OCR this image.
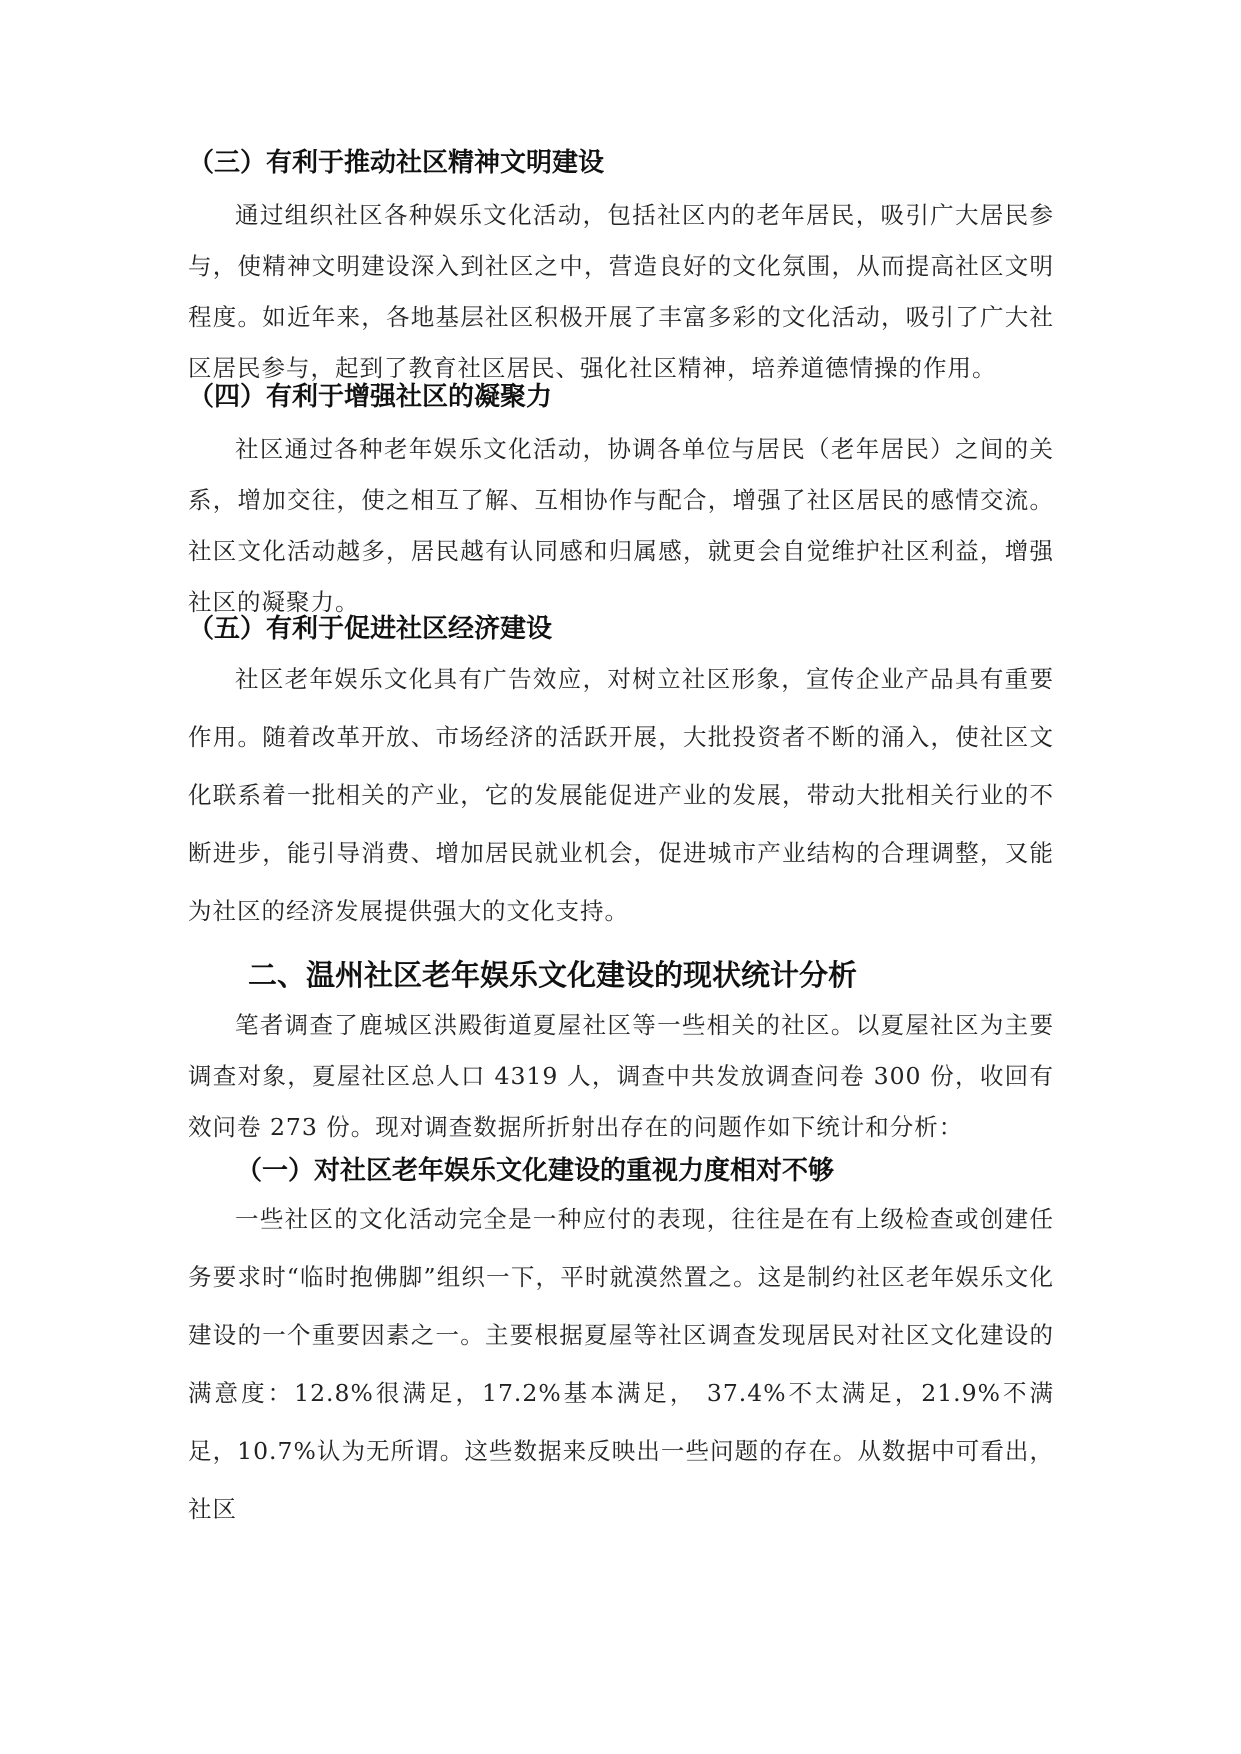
（三）有利于推动社区精神文明建设

通过组织社区各种娱乐文化活动，包括社区内的老年居民，吸引广大居民参与，使精神文明建设深入到社区之中，营造良好的文化氛围，从而提高社区文明程度。如近年来，各地基层社区积极开展了丰富多彩的文化活动，吸引了广大社区居民参与，起到了教育社区居民、强化社区精神，培养道德情操的作用。

（四）有利于增强社区的凝聚力

社区通过各种老年娱乐文化活动，协调各单位与居民（老年居民）之间的关系，增加交往，使之相互了解、互相协作与配合，增强了社区居民的感情交流。社区文化活动越多，居民越有认同感和归属感，就更会自觉维护社区利益，增强社区的凝聚力。

（五）有利于促进社区经济建设

社区老年娱乐文化具有广告效应，对树立社区形象，宣传企业产品具有重要作用。随着改革开放、市场经济的活跃开展，大批投资者不断的涌入，使社区文化联系着一批相关的产业，它的发展能促进产业的发展，带动大批相关行业的不断进步，能引导消费、增加居民就业机会，促进城市产业结构的合理调整，又能为社区的经济发展提供强大的文化支持。

二、温州社区老年娱乐文化建设的现状统计分析

笔者调查了鹿城区洪殿街道夏屋社区等一些相关的社区。以夏屋社区为主要调查对象，夏屋社区总人口 4319 人，调查中共发放调查问卷 300 份，收回有效问卷 273 份。现对调查数据所折射出存在的问题作如下统计和分析：

（一）对社区老年娱乐文化建设的重视力度相对不够

一些社区的文化活动完全是一种应付的表现，往往是在有上级检查或创建任务要求时“临时抱佛脚”组织一下，平时就漠然置之。这是制约社区老年娱乐文化建设的一个重要因素之一。主要根据夏屋等社区调查发现居民对社区文化建设的满意度：12.8%很满足，17.2%基本满足， 37.4%不太满足，21.9%不满足，10.7%认为无所谓。这些数据来反映出一些问题的存在。从数据中可看出，社区
